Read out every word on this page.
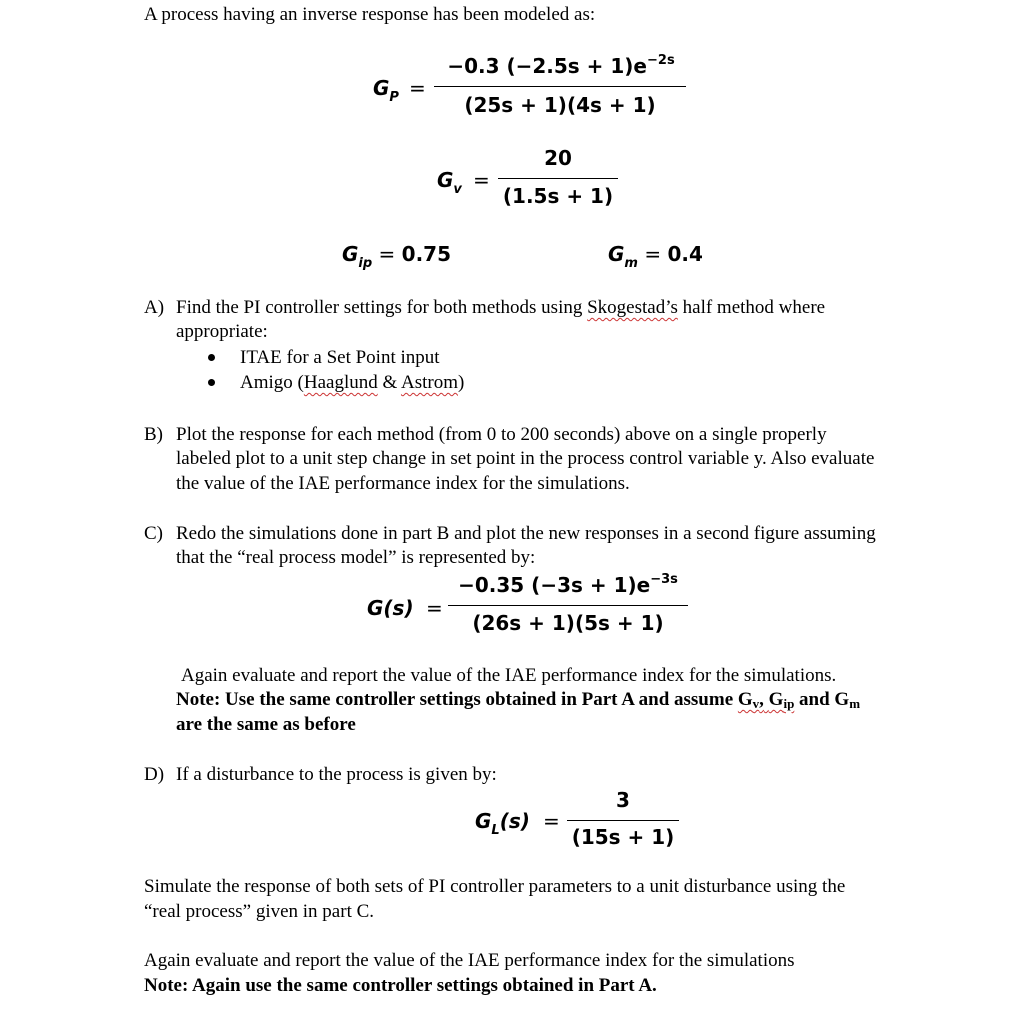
A process having an inverse response has been modeled as:
$G_P$ =
−0.3 $(-2.5s + 1)e^{-2s}$
(25s + 1)(4s + 1)
$G_v$ =
20
(1.5s + 1)
$G_{ip} = 0.75$	$G_m = 0.4$
A) Find the PI controller settings for both methods using Skogestad’s half method where
appropriate:
ITAE for a Set Point input
Amigo (Haaglund & Astrom)
B) Plot the response for each method (from 0 to 200 seconds) above on a single properly
labeled plot to a unit step change in set point in the process control variable y. Also evaluate
the value of the IAE performance index for the simulations.
C) Redo the simulations done in part B and plot the new responses in a second figure assuming
that the “real process model” is represented by:
G(s) =
−0.35 $(-3s + 1)e^{-3s}$
(26s + 1)(5s + 1)
Again evaluate and report the value of the IAE performance index for the simulations.
Note: Use the same controller settings obtained in Part A and assume Gv, Gip and Gm
are the same as before
D) If a disturbance to the process is given by:
$G_L(s)$ =
3
(15s + 1)
Simulate the response of both sets of PI controller parameters to a unit disturbance using the
“real process” given in part C.
Again evaluate and report the value of the IAE performance index for the simulations
Note: Again use the same controller settings obtained in Part A.
